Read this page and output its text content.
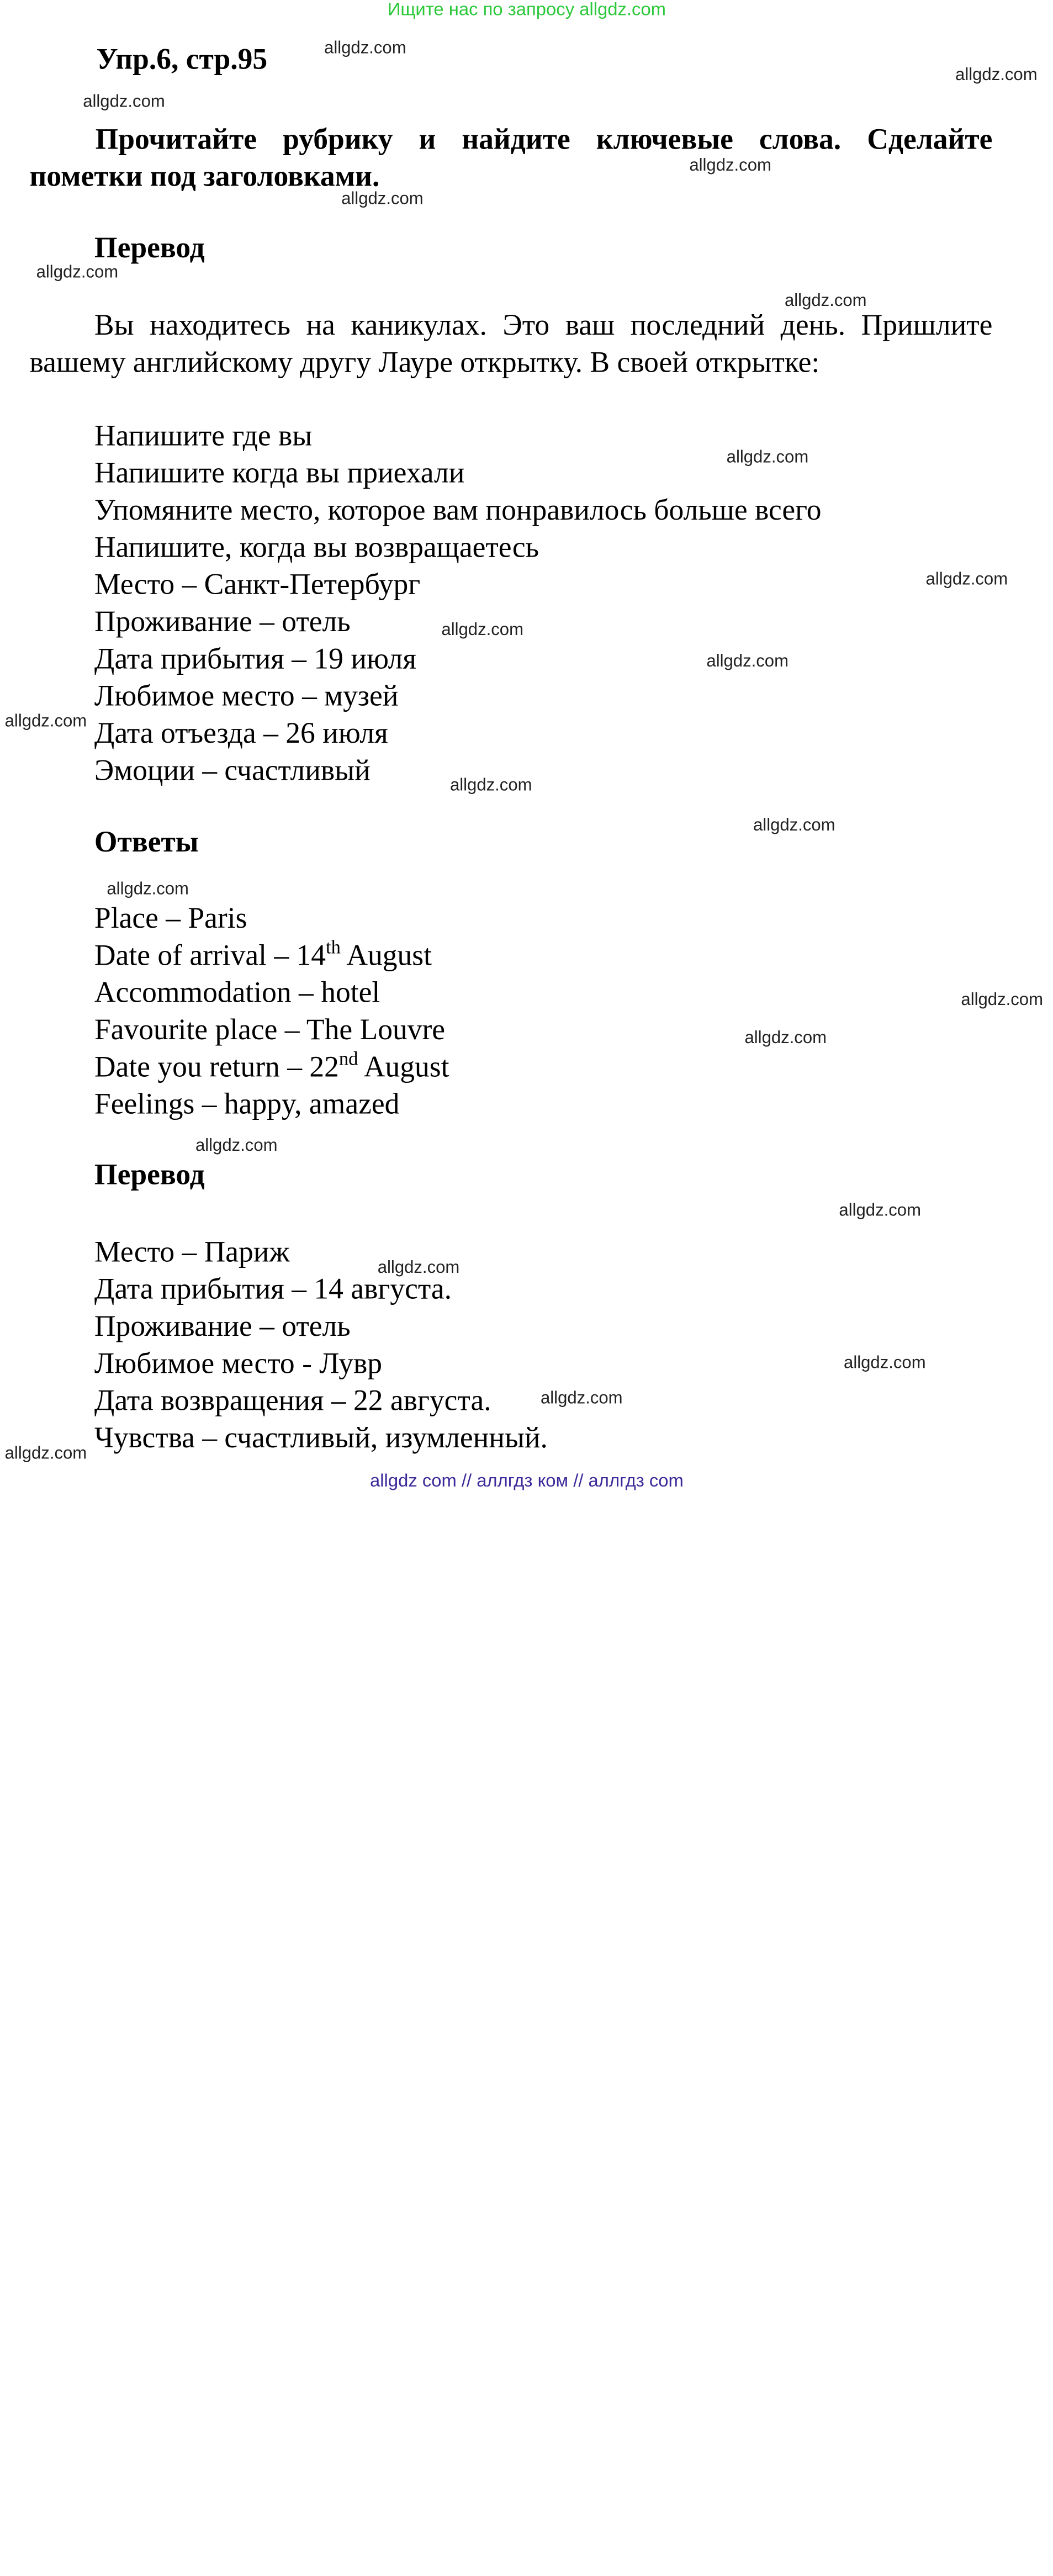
Ищите нас по запросу allgdz.com
Упр.6, стр.95
Прочитайте рубрику и найдите ключевые слова. Сделайте пометки под заголовками.
Перевод
Вы находитесь на каникулах. Это ваш последний день. Пришлите вашему английскому другу Лауре открытку. В своей открытке:
Напишите где вы
Напишите когда вы приехали
Упомяните место, которое вам понравилось больше всего
Напишите, когда вы возвращаетесь
Место – Санкт-Петербург
Проживание – отель
Дата прибытия – 19 июля
Любимое место – музей
Дата отъезда – 26 июля
Эмоции – счастливый
Ответы
Place – Paris
Date of arrival – 14th August
Accommodation – hotel
Favourite place – The Louvre
Date you return – 22nd August
Feelings – happy, amazed
Перевод
Место – Париж
Дата прибытия – 14 августа.
Проживание – отель
Любимое место - Лувр
Дата возвращения – 22 августа.
Чувства – счастливый, изумленный.
allgdz.com
allgdz.com
allgdz.com
allgdz.com
allgdz.com
allgdz.com
allgdz.com
allgdz.com
allgdz.com
allgdz.com
allgdz.com
allgdz.com
allgdz.com
allgdz.com
allgdz.com
allgdz.com
allgdz.com
allgdz.com
allgdz.com
allgdz.com
allgdz.com
allgdz.com
allgdz.com
allgdz com // аллгдз ком // аллгдз com
